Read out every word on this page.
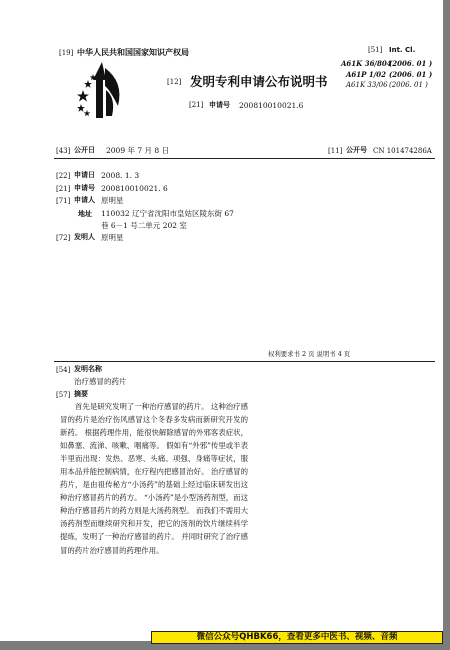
[19] 中华人民共和国国家知识产权局
[12] 发明专利申请公布说明书
[21] 申请号 200810010021.6
[51] Int. Cl.
A61K 36/804
(2006. 01 )
A61P 1/02 (2006. 01 )
A61K 33/06 (2006. 01 )
[43] 公开日 2009 年 7 月 8 日	[11] 公开号 CN 101474286A
[22] 申请日 2008. 1. 3
[21] 申请号 200810010021. 6
[71] 申请人 原明星
地址 110032 辽宁省沈阳市皇姑区陵东街 67
巷 6－1 号二单元 202 室
[72] 发明人 原明星
权利要求书 2 页 说明书 4 页
[54] 发明名称
治疗感冒的药片
[57] 摘要
首先是研究发明了一种治疗感冒的药片。 这种治疗感冒的药片是治疗伤风感冒这个冬春多发病而新研究开发的新药。 根据药理作用，能很快解除感冒的外邪客表症状，如鼻塞、流涕、咳嗽、咽痛等。 假如有“外邪”传里或半表半里而出现：发热、恶寒、头痛、项强、身痛等症状，服用本品并能控制病情，在疗程内把感冒治好。 治疗感冒的药片，是由祖传秘方“小汤药”的基础上经过临床研发出这种治疗感冒药片的药方。 “小汤药”是小型汤药剂型，而这种治疗感冒药片的药方则是大汤药剂型。 而我们不需用大汤药剂型而继续研究和开发，把它的汤剂的饮片继续科学提炼，发明了一种治疗感冒的药片。 并同时研究了治疗感冒的药片治疗感冒的药理作用。
微信公众号QHBK66，查看更多中医书、视频、音频
